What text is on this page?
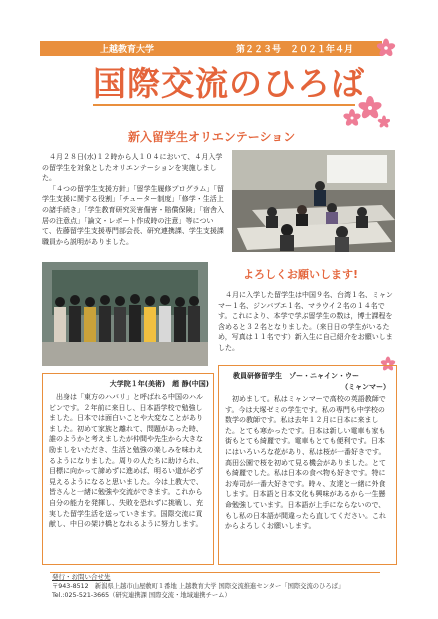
上越教育大学	第２２３号　２０２１年４月
国際交流のひろば
新入留学生オリエンテーション

４月２８日(水)１２時から人１０４において、４月入学の留学生を対象としたオリエンテーションを実施しました。

「４つの留学生支援方針」「留学生履修プログラム」「留学生支援に関する役割」「チューター制度」「修学・生活上の諸手続き」「学生教育研究災害傷害・賠償保険」「宿舎入居の注意点」「論文・レポート作成時の注意」等について、佐藤留学生支援専門部会長、研究連携課、学生支援課職員から説明がありました。

よろしくお願いします!
４月に入学した留学生は中国９名、台湾１名、ミャンマー１名、ジンバブエ１名、マラウイ２名の１４名です。これにより、本学で学ぶ留学生の数は，博士課程を含めると３２名となりました。（来日日の学生がいるため，写真は１１名です）新入生に自己紹介をお願いしました。
大学院１年(美術)　趙 静(中国)
出身は「東方のハバリ」と呼ばれる中国のハルビンです。２年前に来日し、日本語学校で勉強しました。日本では面白いことや大変なことがありました。初めて家族と離れて、問題があった時、誰のようかと考えましたが仲間や先生から大きな励ましをいただき、生活と勉強の楽しみを味わえるようになりました。周りの人たちに助けられ、目標に向かって諦めずに進めば、明るい道が必ず見えるようになると思いました。今は上教大で、皆さんと一緒に勉強や交流ができます。これから自分の能力を発揮し、失敗を恐れずに挑戦し、充実した留学生活を送っていきます。国際交流に貢献し、中日の架け橋となれるように努力します。
教員研修留学生　ゾー・ニャイン・ウー
（ミャンマー）
初めまして。私はミャンマーで高校の英語教師です。今は大塚ゼミの学生です。私の専門も中学校の数学の教師です。私は去年１２月に日本に来ました。とても寒かったです。日本は新しい電車も家も街もとても綺麗です。電車もとても便利です。日本にはいろいろな花があり、私は桜が一番好きです。高田公園で桜を初めて見る機会がありました。とても綺麗でした。私は日本の食べ物も好きです。特にお寿司が一番大好きです。時々、友達と一緒に外食します。日本語と日本文化も興味があるから一生懸命勉強しています。日本語が上手にならないので、もし私の日本語が間違ったら直してください。これからよろしくお願いします。
発行・お問い合せ先
〒943-8512　新潟県上越市山屋敷町１番地 上越教育大学 国際交流推進センター「国際交流のひろば」
Tel.:025-521-3665（研究連携課 国際交流・地域連携チーム）
